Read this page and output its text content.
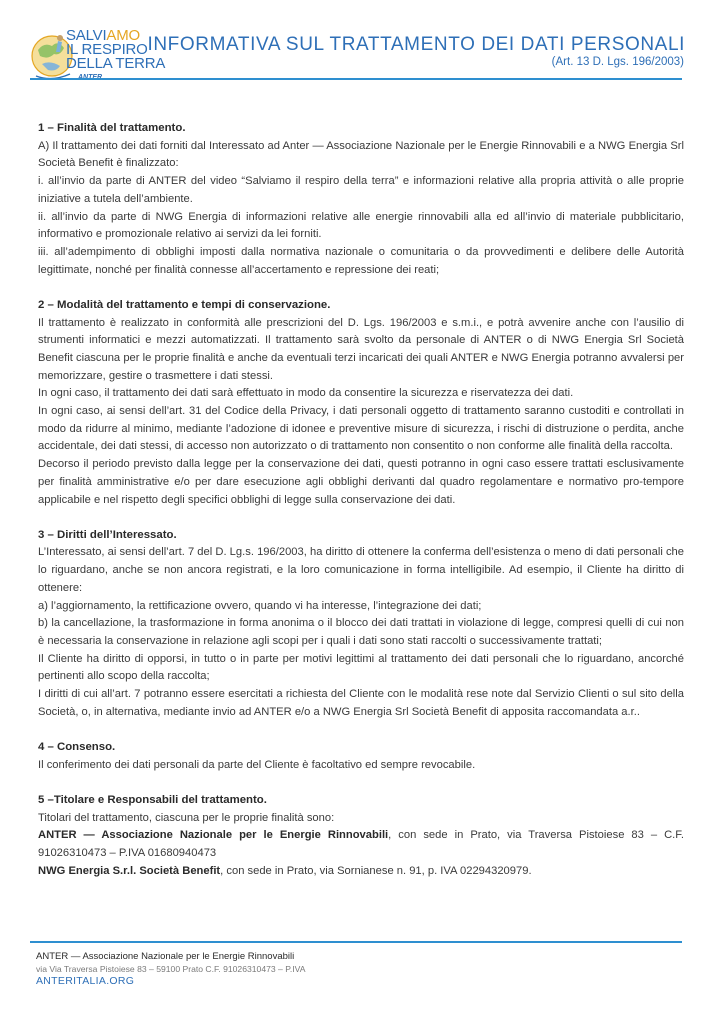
SALVIAMO
IL RESPIRO
DELLA TERRA
INFORMATIVA SUL TRATTAMENTO DEI DATI PERSONALI
(Art. 13 D. Lgs. 196/2003)
1 – Finalità del trattamento.

A) Il trattamento dei dati forniti dal Interessato ad Anter — Associazione Nazionale per le Energie Rinnovabili e a NWG Energia Srl Società Benefit è finalizzato:

i. all’invio da parte di ANTER del video “Salviamo il respiro della terra” e informazioni relative alla propria attività o alle proprie iniziative a tutela dell’ambiente.

ii. all’invio da parte di NWG Energia di informazioni relative alle energie rinnovabili alla ed all’invio di materiale pubblicitario, informativo e promozionale relativo ai servizi da lei forniti.

iii. all’adempimento di obblighi imposti dalla normativa nazionale o comunitaria o da provvedimenti e delibere delle Autorità legittimate, nonché per finalità connesse all’accertamento e repressione dei reati;

2 – Modalità del trattamento e tempi di conservazione.

Il trattamento è realizzato in conformità alle prescrizioni del D. Lgs. 196/2003 e s.m.i., e potrà avvenire anche con l’ausilio di strumenti informatici e mezzi automatizzati. Il trattamento sarà svolto da personale di ANTER o di NWG Energia Srl Società Benefit ciascuna per le proprie finalità e anche da eventuali terzi incaricati dei quali ANTER e NWG Energia potranno avvalersi per memorizzare, gestire o trasmettere i dati stessi.

In ogni caso, il trattamento dei dati sarà effettuato in modo da consentire la sicurezza e riservatezza dei dati.

In ogni caso, ai sensi dell’art. 31 del Codice della Privacy, i dati personali oggetto di trattamento saranno custoditi e controllati in modo da ridurre al minimo, mediante l’adozione di idonee e preventive misure di sicurezza, i rischi di distruzione o perdita, anche accidentale, dei dati stessi, di accesso non autorizzato o di trattamento non consentito o non conforme alle finalità della raccolta.

Decorso il periodo previsto dalla legge per la conservazione dei dati, questi potranno in ogni caso essere trattati esclusivamente per finalità amministrative e/o per dare esecuzione agli obblighi derivanti dal quadro regolamentare e normativo pro-tempore applicabile e nel rispetto degli specifici obblighi di legge sulla conservazione dei dati.

3 – Diritti dell’Interessato.

L’Interessato, ai sensi dell’art. 7 del D. Lg.s. 196/2003, ha diritto di ottenere la conferma dell’esistenza o meno di dati personali che lo riguardano, anche se non ancora registrati, e la loro comunicazione in forma intelligibile. Ad esempio, il Cliente ha diritto di ottenere:

a) l’aggiornamento, la rettificazione ovvero, quando vi ha interesse, l’integrazione dei dati;

b) la cancellazione, la trasformazione in forma anonima o il blocco dei dati trattati in violazione di legge, compresi quelli di cui non è necessaria la conservazione in relazione agli scopi per i quali i dati sono stati raccolti o successivamente trattati;

Il Cliente ha diritto di opporsi, in tutto o in parte per motivi legittimi al trattamento dei dati personali che lo riguardano, ancorché pertinenti allo scopo della raccolta;

I diritti di cui all’art. 7 potranno essere esercitati a richiesta del Cliente con le modalità rese note dal Servizio Clienti o sul sito della Società, o, in alternativa, mediante invio ad ANTER e/o a NWG Energia Srl Società Benefit di apposita raccomandata a.r..

4 – Consenso.

Il conferimento dei dati personali da parte del Cliente è facoltativo ed sempre revocabile.

5 –Titolare e Responsabili del trattamento.

Titolari del trattamento, ciascuna per le proprie finalità sono:

ANTER — Associazione Nazionale per le Energie Rinnovabili, con sede in Prato, via Traversa Pistoiese 83 – C.F. 91026310473 – P.IVA 01680940473

NWG Energia S.r.l. Società Benefit, con sede in Prato, via Sornianese n. 91, p. IVA 02294320979.

ANTER — Associazione Nazionale per le Energie Rinnovabili
via Via Traversa Pistoiese 83 – 59100 Prato C.F. 91026310473 – P.IVA
ANTERITALIA.ORG
